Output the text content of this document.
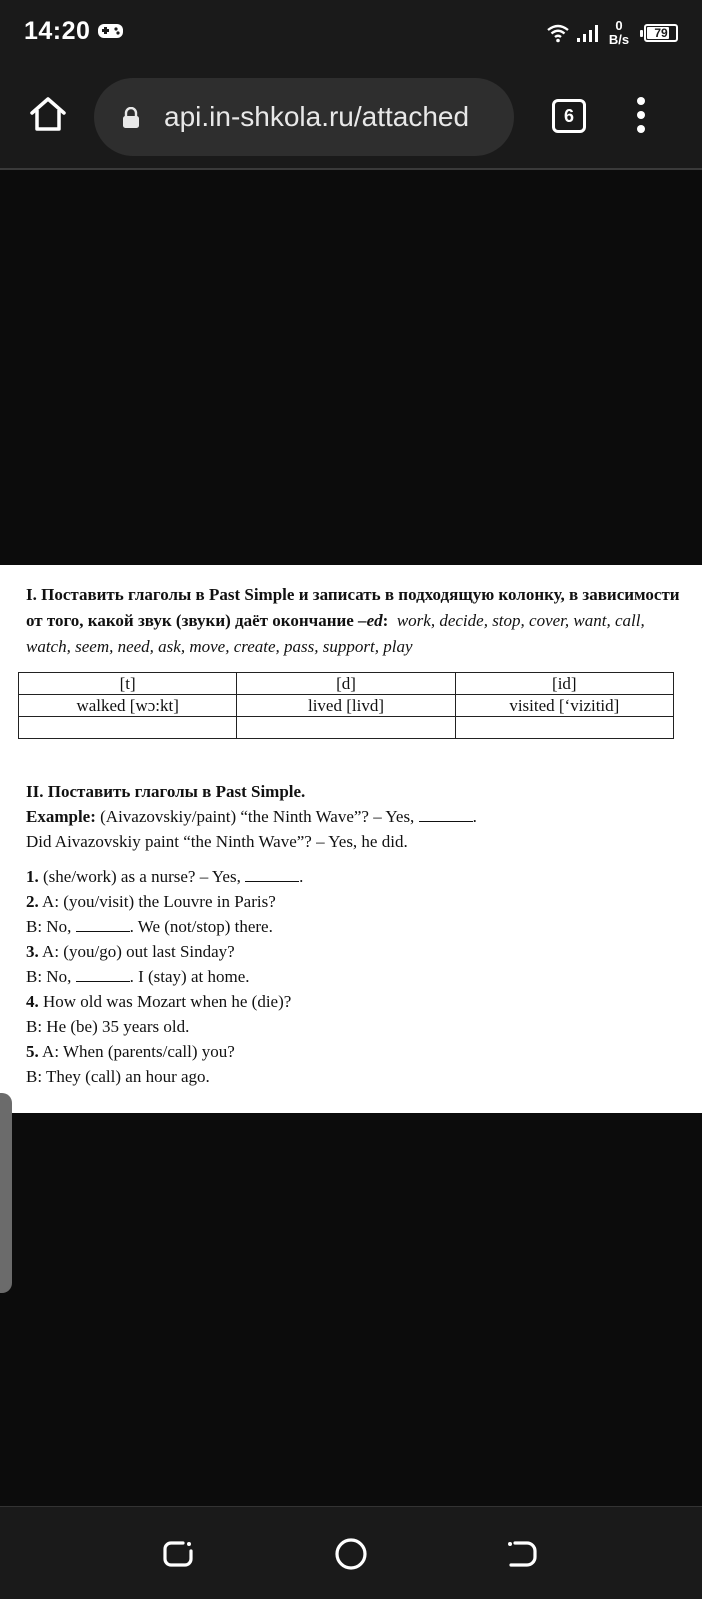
14:20	0
B/s	79
api.in-shkola.ru/attached	6
I. Поставить глаголы в Past Simple и записать в подходящую колонку, в зависимости от того, какой звук (звуки) даёт окончание –ed: work, decide, stop, cover, want, call, watch, seem, need, ask, move, create, pass, support, play
[t]	[d]	[id]
walked [wɔ:kt]	lived [livd]	visited [‘vizitid]

II. Поставить глаголы в Past Simple.
Example: (Aivazovskiy/paint) “the Ninth Wave”? – Yes,	.
Did Aivazovskiy paint “the Ninth Wave”? – Yes, he did.
1. (she/work) as a nurse? – Yes,	.
2. A: (you/visit) the Louvre in Paris?
B: No,	. We (not/stop) there.
3. A: (you/go) out last Sinday?
B: No,	. I (stay) at home.
4. How old was Mozart when he (die)?
B: He (be) 35 years old.
5. A: When (parents/call) you?
B: They (call) an hour ago.
